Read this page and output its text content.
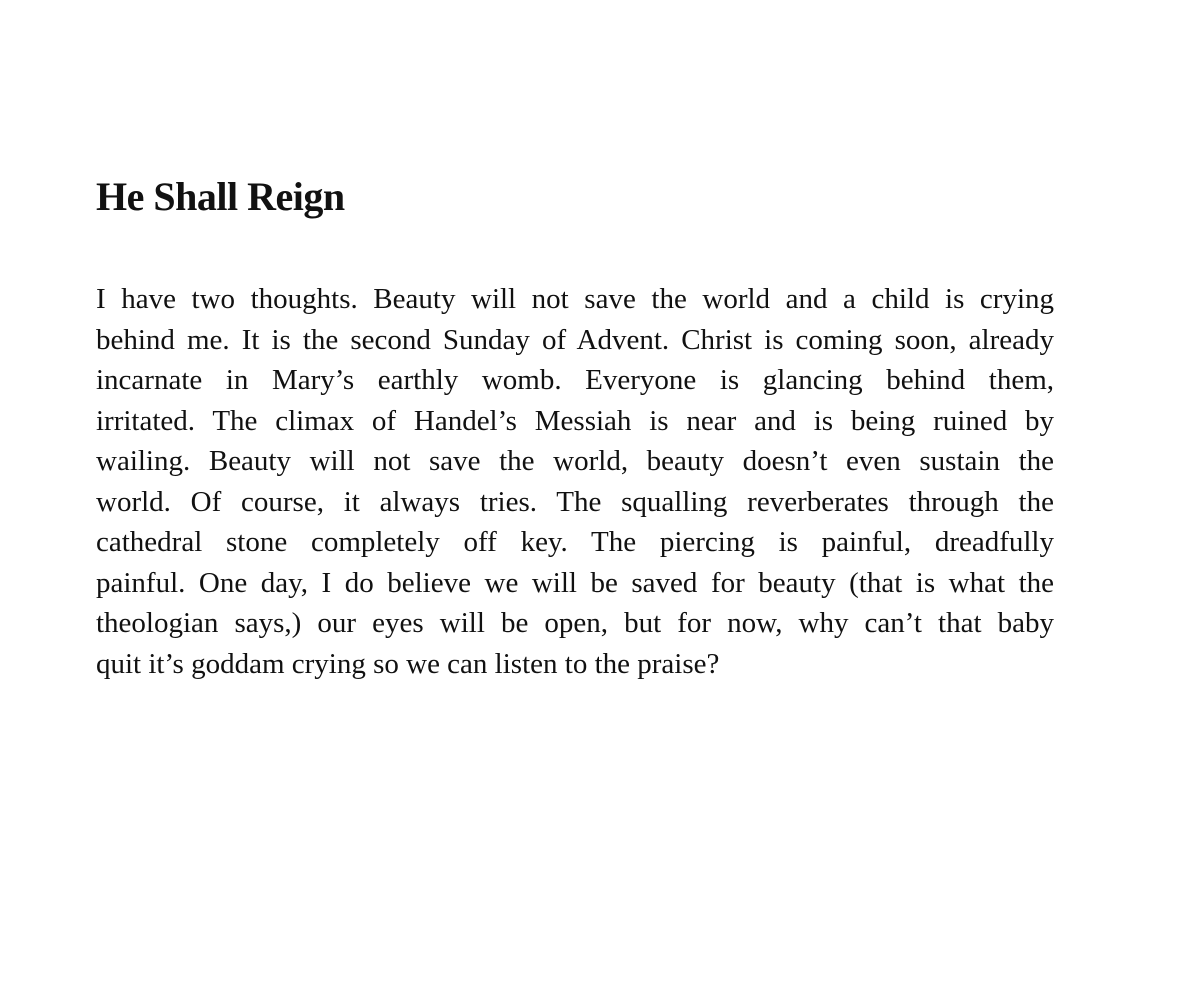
He Shall Reign
I have two thoughts. Beauty will not save the world and a child is crying
behind me. It is the second Sunday of Advent. Christ is coming soon, already
incarnate in Mary’s earthly womb. Everyone is glancing behind them,
irritated. The climax of Handel’s Messiah is near and is being ruined by
wailing. Beauty will not save the world, beauty doesn’t even sustain the
world. Of course, it always tries. The squalling reverberates through the
cathedral stone completely off key. The piercing is painful, dreadfully
painful. One day, I do believe we will be saved for beauty (that is what the
theologian says,) our eyes will be open, but for now, why can’t that baby
quit it’s goddam crying so we can listen to the praise?
